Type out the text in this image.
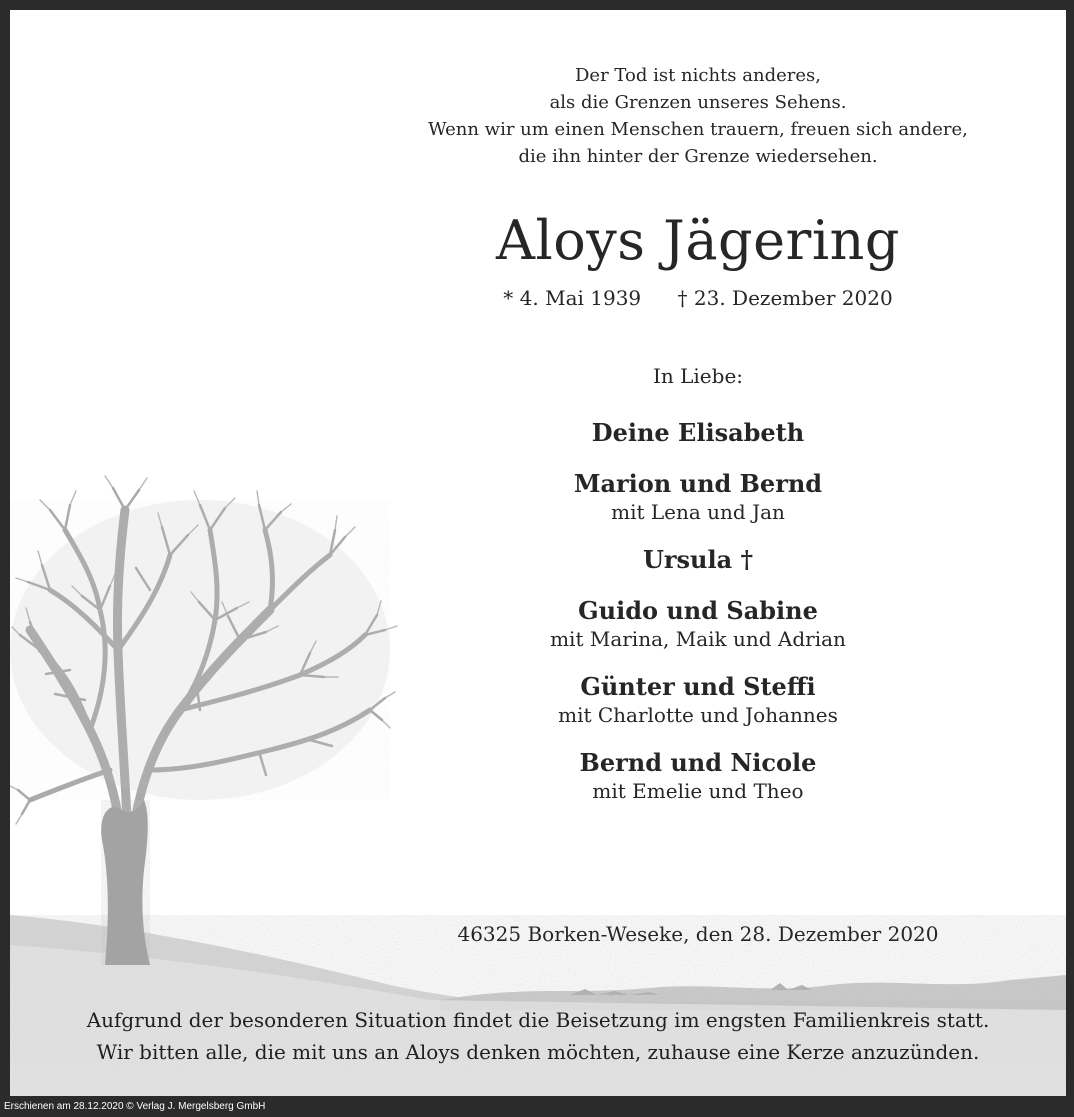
Der Tod ist nichts anderes,
als die Grenzen unseres Sehens.
Wenn wir um einen Menschen trauern, freuen sich andere,
die ihn hinter der Grenze wiedersehen.
Aloys Jägering
* 4. Mai 1939 † 23. Dezember 2020
In Liebe:
Deine Elisabeth
Marion und Bernd
mit Lena und Jan
Ursula †
Guido und Sabine
mit Marina, Maik und Adrian
Günter und Steffi
mit Charlotte und Johannes
Bernd und Nicole
mit Emelie und Theo
46325 Borken-Weseke, den 28. Dezember 2020
Aufgrund der besonderen Situation findet die Beisetzung im engsten Familienkreis statt.
Wir bitten alle, die mit uns an Aloys denken möchten, zuhause eine Kerze anzuzünden.
Erschienen am 28.12.2020 © Verlag J. Mergelsberg GmbH
